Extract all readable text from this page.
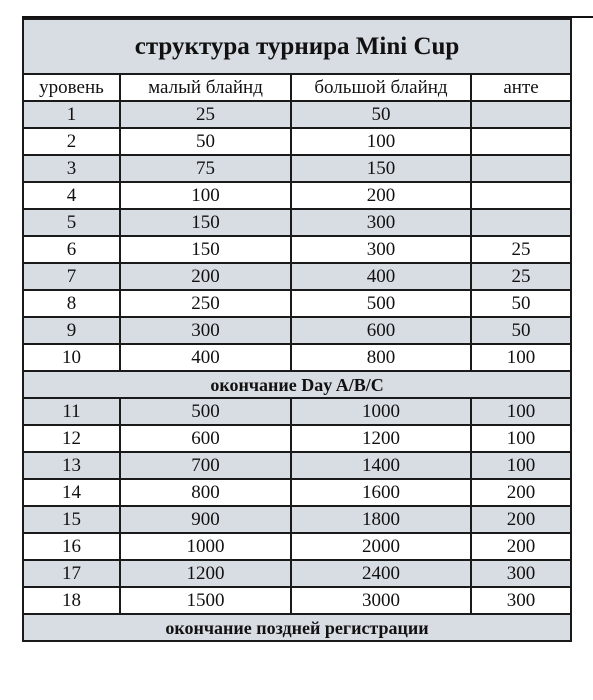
структура турнира Mini Cup			
уровень	малый блайнд	большой блайнд	анте
1	25	50	
2	50	100	
3	75	150	
4	100	200	
5	150	300	
6	150	300	25
7	200	400	25
8	250	500	50
9	300	600	50
10	400	800	100
окончание Day A/B/C			
11	500	1000	100
12	600	1200	100
13	700	1400	100
14	800	1600	200
15	900	1800	200
16	1000	2000	200
17	1200	2400	300
18	1500	3000	300
окончание поздней регистрации			
